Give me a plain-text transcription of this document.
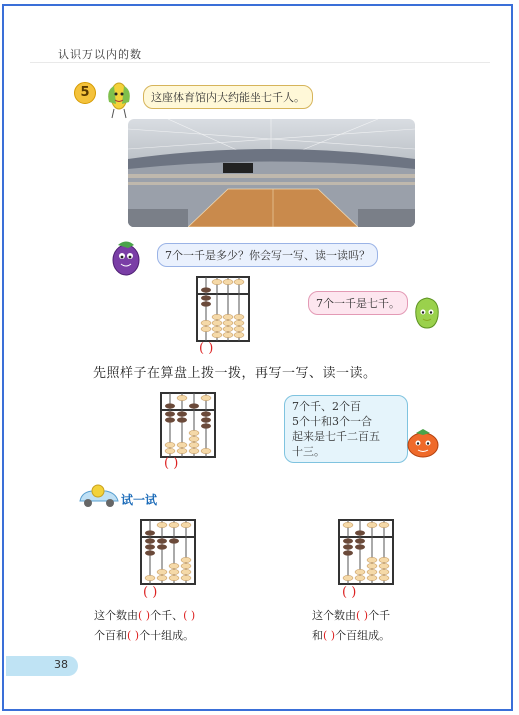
认识万以内的数
5	这座体育馆内大约能坐七千人。
7个一千是多少？你会写一写、读一读吗？
( )
7个一千是七千。
先照样子在算盘上拨一拨，再写一写、读一读。
( )
7个千、2个百
5个十和3个一合
起来是七千二百五
十三。
试一试
( )	( )
这个数由( )个千、( )
个百和( )个十组成。
这个数由( )个千
和( )个百组成。
38
